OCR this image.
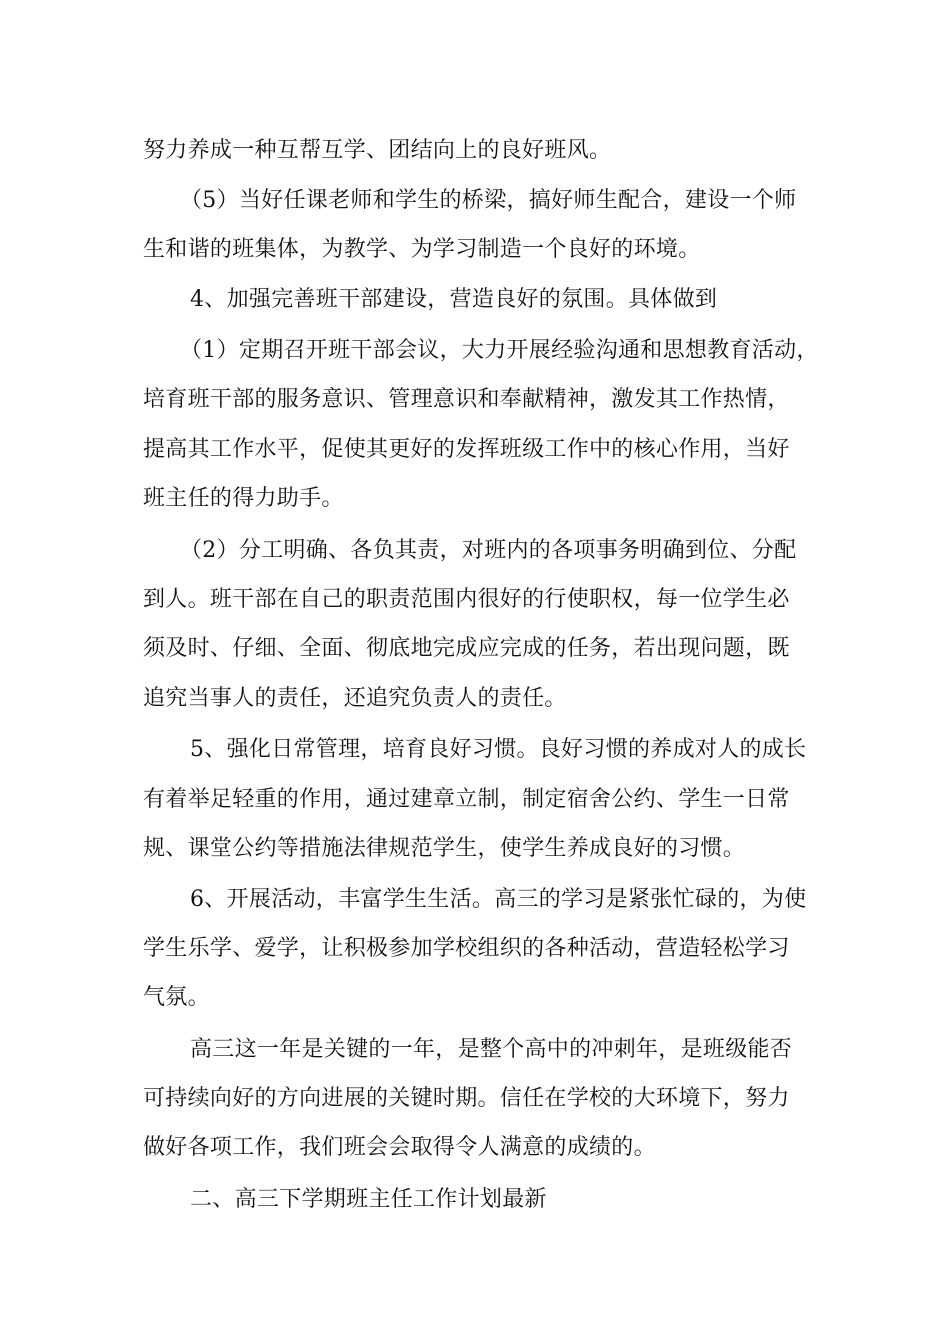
努力养成一种互帮互学、团结向上的良好班风。
（5）当好任课老师和学生的桥梁，搞好师生配合，建设一个师
生和谐的班集体，为教学、为学习制造一个良好的环境。
4、加强完善班干部建设，营造良好的氛围。具体做到
（1）定期召开班干部会议，大力开展经验沟通和思想教育活动，
培育班干部的服务意识、管理意识和奉献精神，激发其工作热情，
提高其工作水平，促使其更好的发挥班级工作中的核心作用，当好
班主任的得力助手。
（2）分工明确、各负其责，对班内的各项事务明确到位、分配
到人。班干部在自己的职责范围内很好的行使职权，每一位学生必
须及时、仔细、全面、彻底地完成应完成的任务，若出现问题，既
追究当事人的责任，还追究负责人的责任。
5、强化日常管理，培育良好习惯。良好习惯的养成对人的成长
有着举足轻重的作用，通过建章立制，制定宿舍公约、学生一日常
规、课堂公约等措施法律规范学生，使学生养成良好的习惯。
6、开展活动，丰富学生生活。高三的学习是紧张忙碌的，为使
学生乐学、爱学，让积极参加学校组织的各种活动，营造轻松学习
气氛。
高三这一年是关键的一年，是整个高中的冲刺年，是班级能否
可持续向好的方向进展的关键时期。信任在学校的大环境下，努力
做好各项工作，我们班会会取得令人满意的成绩的。
二、高三下学期班主任工作计划最新
